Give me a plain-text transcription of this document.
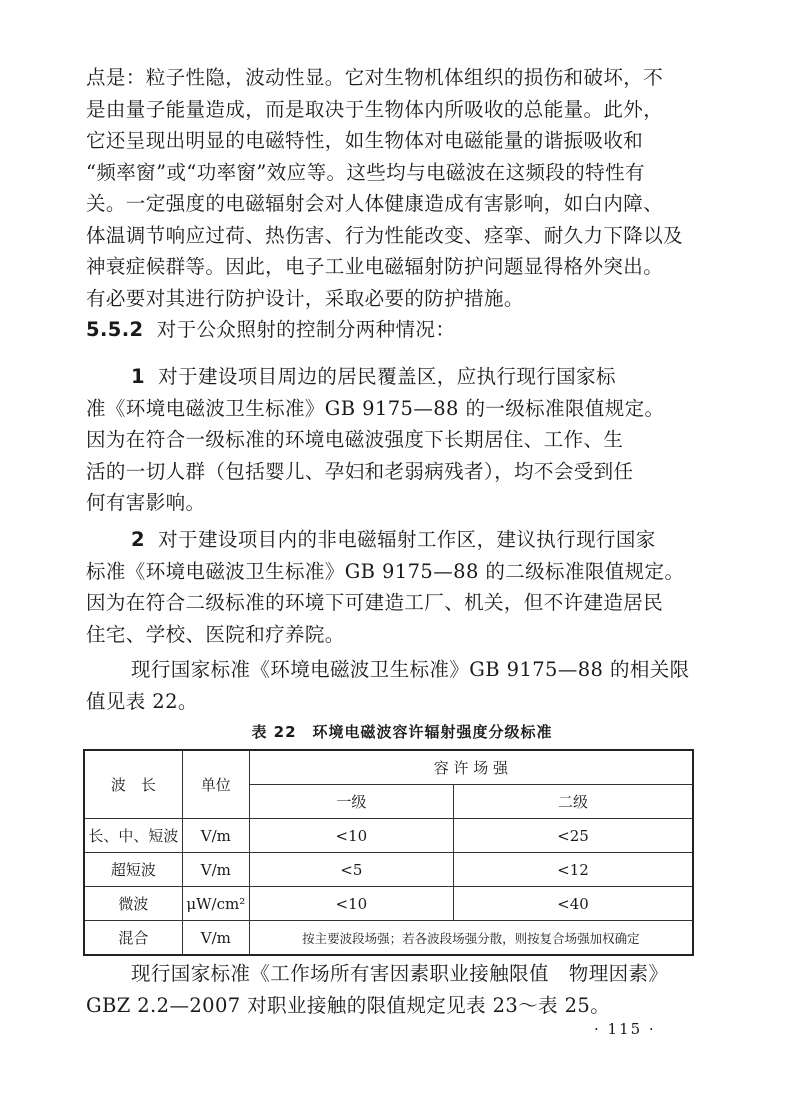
点是：粒子性隐，波动性显。它对生物机体组织的损伤和破坏，不
是由量子能量造成，而是取决于生物体内所吸收的总能量。此外，
它还呈现出明显的电磁特性，如生物体对电磁能量的谐振吸收和
“频率窗”或“功率窗”效应等。这些均与电磁波在这频段的特性有
关。一定强度的电磁辐射会对人体健康造成有害影响，如白内障、
体温调节响应过荷、热伤害、行为性能改变、痉挛、耐久力下降以及
神衰症候群等。因此，电子工业电磁辐射防护问题显得格外突出。
有必要对其进行防护设计，采取必要的防护措施。
5.5.2 对于公众照射的控制分两种情况：
1 对于建设项目周边的居民覆盖区，应执行现行国家标
准《环境电磁波卫生标准》GB 9175—88 的一级标准限值规定。
因为在符合一级标准的环境电磁波强度下长期居住、工作、生
活的一切人群（包括婴儿、孕妇和老弱病残者），均不会受到任
何有害影响。
2 对于建设项目内的非电磁辐射工作区，建议执行现行国家
标准《环境电磁波卫生标准》GB 9175—88 的二级标准限值规定。
因为在符合二级标准的环境下可建造工厂、机关，但不许建造居民
住宅、学校、医院和疗养院。
现行国家标准《环境电磁波卫生标准》GB 9175—88 的相关限
值见表 22。
表 22　环境电磁波容许辐射强度分级标准
波　长	单位	容 许 场 强	
		一级	二级
长、中、短波	V/m	<10	<25
超短波	V/m	<5	<12
微波	μW/cm²	<10	<40
混合	V/m	按主要波段场强；若各波段场强分散，则按复合场强加权确定	
现行国家标准《工作场所有害因素职业接触限值　物理因素》
GBZ 2.2—2007 对职业接触的限值规定见表 23～表 25。
· 115 ·
